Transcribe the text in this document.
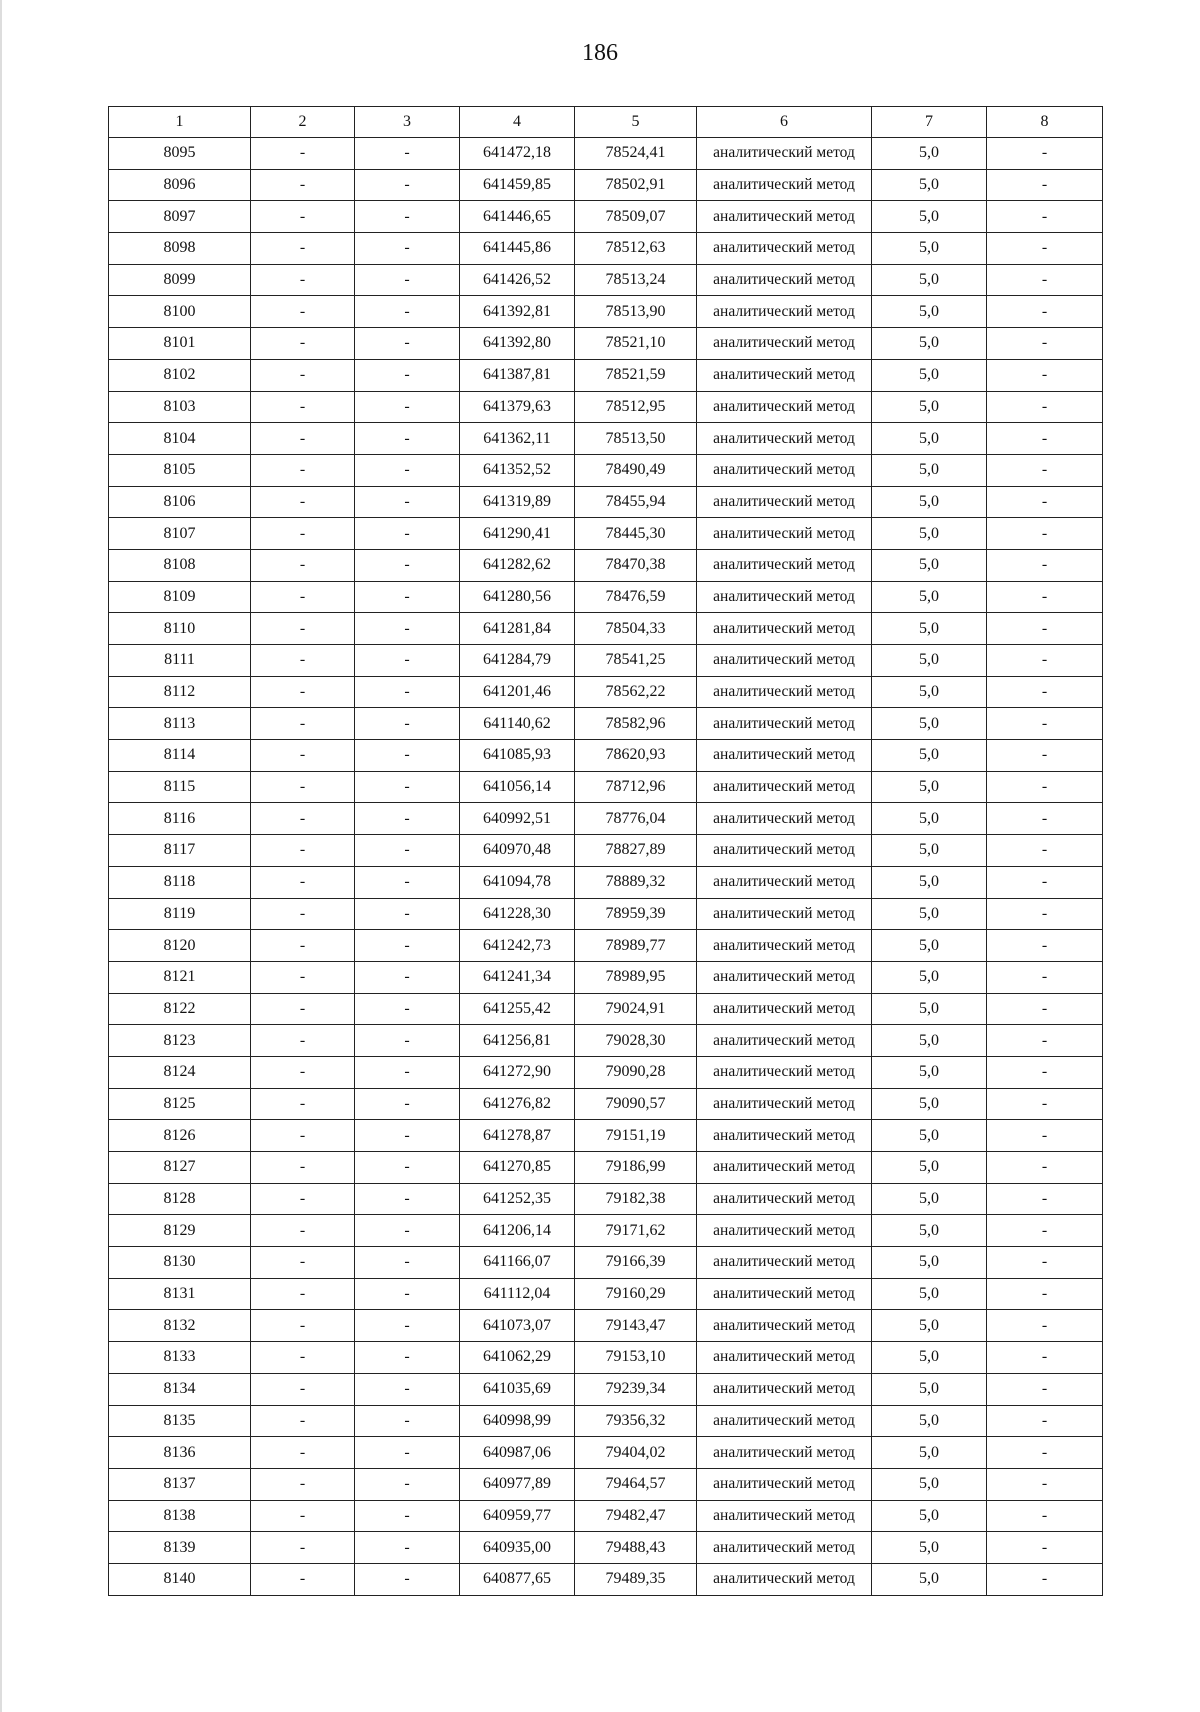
186
1	2	3	4	5	6	7	8
8095	-	-	641472,18	78524,41	аналитический метод	5,0	-
8096	-	-	641459,85	78502,91	аналитический метод	5,0	-
8097	-	-	641446,65	78509,07	аналитический метод	5,0	-
8098	-	-	641445,86	78512,63	аналитический метод	5,0	-
8099	-	-	641426,52	78513,24	аналитический метод	5,0	-
8100	-	-	641392,81	78513,90	аналитический метод	5,0	-
8101	-	-	641392,80	78521,10	аналитический метод	5,0	-
8102	-	-	641387,81	78521,59	аналитический метод	5,0	-
8103	-	-	641379,63	78512,95	аналитический метод	5,0	-
8104	-	-	641362,11	78513,50	аналитический метод	5,0	-
8105	-	-	641352,52	78490,49	аналитический метод	5,0	-
8106	-	-	641319,89	78455,94	аналитический метод	5,0	-
8107	-	-	641290,41	78445,30	аналитический метод	5,0	-
8108	-	-	641282,62	78470,38	аналитический метод	5,0	-
8109	-	-	641280,56	78476,59	аналитический метод	5,0	-
8110	-	-	641281,84	78504,33	аналитический метод	5,0	-
8111	-	-	641284,79	78541,25	аналитический метод	5,0	-
8112	-	-	641201,46	78562,22	аналитический метод	5,0	-
8113	-	-	641140,62	78582,96	аналитический метод	5,0	-
8114	-	-	641085,93	78620,93	аналитический метод	5,0	-
8115	-	-	641056,14	78712,96	аналитический метод	5,0	-
8116	-	-	640992,51	78776,04	аналитический метод	5,0	-
8117	-	-	640970,48	78827,89	аналитический метод	5,0	-
8118	-	-	641094,78	78889,32	аналитический метод	5,0	-
8119	-	-	641228,30	78959,39	аналитический метод	5,0	-
8120	-	-	641242,73	78989,77	аналитический метод	5,0	-
8121	-	-	641241,34	78989,95	аналитический метод	5,0	-
8122	-	-	641255,42	79024,91	аналитический метод	5,0	-
8123	-	-	641256,81	79028,30	аналитический метод	5,0	-
8124	-	-	641272,90	79090,28	аналитический метод	5,0	-
8125	-	-	641276,82	79090,57	аналитический метод	5,0	-
8126	-	-	641278,87	79151,19	аналитический метод	5,0	-
8127	-	-	641270,85	79186,99	аналитический метод	5,0	-
8128	-	-	641252,35	79182,38	аналитический метод	5,0	-
8129	-	-	641206,14	79171,62	аналитический метод	5,0	-
8130	-	-	641166,07	79166,39	аналитический метод	5,0	-
8131	-	-	641112,04	79160,29	аналитический метод	5,0	-
8132	-	-	641073,07	79143,47	аналитический метод	5,0	-
8133	-	-	641062,29	79153,10	аналитический метод	5,0	-
8134	-	-	641035,69	79239,34	аналитический метод	5,0	-
8135	-	-	640998,99	79356,32	аналитический метод	5,0	-
8136	-	-	640987,06	79404,02	аналитический метод	5,0	-
8137	-	-	640977,89	79464,57	аналитический метод	5,0	-
8138	-	-	640959,77	79482,47	аналитический метод	5,0	-
8139	-	-	640935,00	79488,43	аналитический метод	5,0	-
8140	-	-	640877,65	79489,35	аналитический метод	5,0	-
